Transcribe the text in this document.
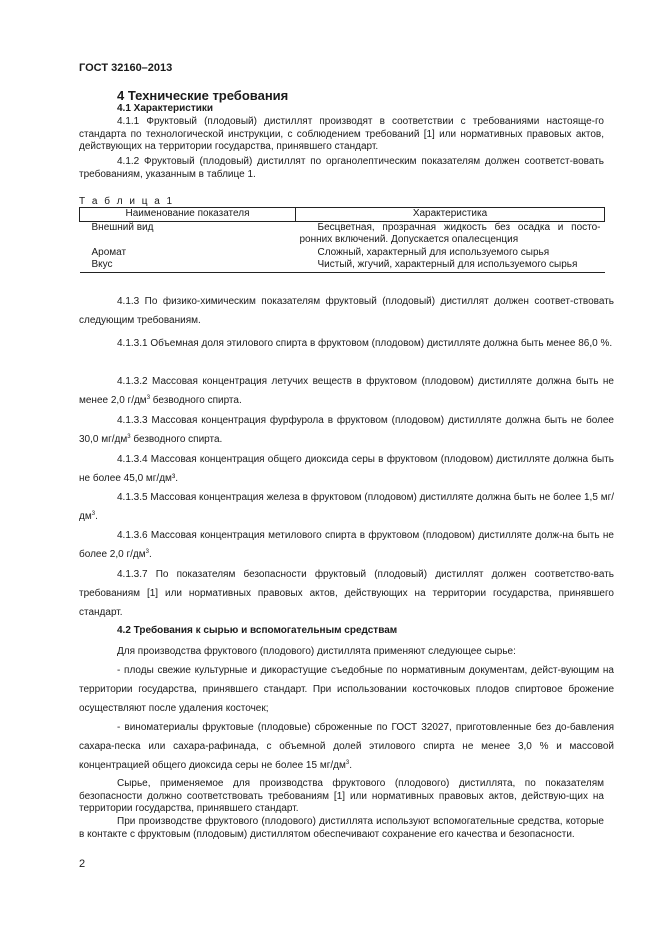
ГОСТ 32160–2013
4 Технические требования
4.1 Характеристики

4.1.1 Фруктовый (плодовый) дистиллят производят в соответствии с требованиями настояще-го стандарта по технологической инструкции, с соблюдением требований [1] или нормативных правовых актов, действующих на территории государства, принявшего стандарт.

4.1.2 Фруктовый (плодовый) дистиллят по органолептическим показателям должен соответст-вовать требованиям, указанным в таблице 1.

Т а б л и ц а 1
Наименование показателя	Характеристика
Внешний вид	Бесцветная, прозрачная жидкость без осадка и посто-ронних включений. Допускается опалесценция
Аромат	Сложный, характерный для используемого сырья
Вкус	Чистый, жгучий, характерный для используемого сырья

4.1.3 По физико-химическим показателям фруктовый (плодовый) дистиллят должен соответ-ствовать следующим требованиям.

4.1.3.1 Объемная доля этилового спирта в фруктовом (плодовом) дистилляте должна быть менее 86,0 %.

4.1.3.2 Массовая концентрация летучих веществ в фруктовом (плодовом) дистилляте должна быть не менее 2,0 $г/дм^3$ безводного спирта.

4.1.3.3 Массовая концентрация фурфурола в фруктовом (плодовом) дистилляте должна быть не более 30,0 $мг/дм^3$ безводного спирта.

4.1.3.4 Массовая концентрация общего диоксида серы в фруктовом (плодовом) дистилляте должна быть не более 45,0 мг/дм³.

4.1.3.5 Массовая концентрация железа в фруктовом (плодовом) дистилляте должна быть не более 1,5 $мг/дм^3$.

4.1.3.6 Массовая концентрация метилового спирта в фруктовом (плодовом) дистилляте долж-на быть не более 2,0 $г/дм^3$.

4.1.3.7 По показателям безопасности фруктовый (плодовый) дистиллят должен соответство-вать требованиям [1] или нормативных правовых актов, действующих на территории государства, принявшего стандарт.

4.2 Требования к сырью и вспомогательным средствам

Для производства фруктового (плодового) дистиллята применяют следующее сырье:

- плоды свежие культурные и дикорастущие съедобные по нормативным документам, дейст-вующим на территории государства, принявшего стандарт. При использовании косточковых плодов спиртовое брожение осуществляют после удаления косточек;

- виноматериалы фруктовые (плодовые) сброженные по ГОСТ 32027, приготовленные без до-бавления сахара-песка или сахара-рафинада, с объемной долей этилового спирта не менее 3,0 % и массовой концентрацией общего диоксида серы не более 15 $мг/дм^3$.

Сырье, применяемое для производства фруктового (плодового) дистиллята, по показателям безопасности должно соответствовать требованиям [1] или нормативных правовых актов, действую-щих на территории государства, принявшего стандарт.

При производстве фруктового (плодового) дистиллята используют вспомогательные средства, которые в контакте с фруктовым (плодовым) дистиллятом обеспечивают сохранение его качества и безопасности.

2
